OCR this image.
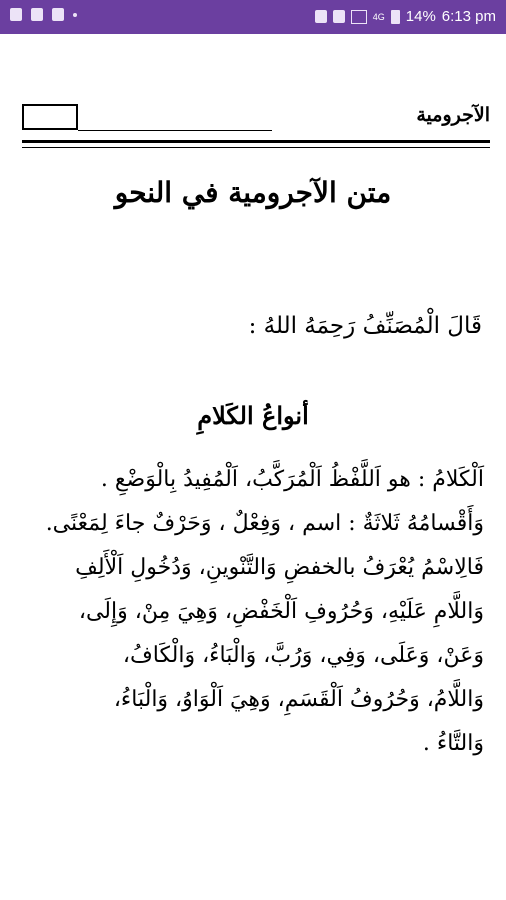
4G 14% 6:13 pm
الآجرومية
متن الآجرومية في النحو
قَالَ الْمُصَنِّفُ رَحِمَهُ اللهُ :
أنواعُ الكَلامِ
اَلْكَلامُ : هو اَللَّفْظُ اَلْمُرَكَّبُ، اَلْمُفِيدُ بِالْوَضْعِ .
وَأَقْسامُهُ ثَلاثَةٌ : اسم ، وَفِعْلٌ ، وَحَرْفٌ جاءَ لِمَعْنًى.
فَالِاسْمُ يُعْرَفُ بالخفضِ وَالتَّنْوينِ، وَدُخُولِ اَلْأَلِفِ
وَاللَّامِ عَلَيْهِ، وَحُرُوفِ اَلْخَفْضِ، وَهِيَ مِنْ، وَإِلَى،
وَعَنْ، وَعَلَى، وَفِي، وَرُبَّ، وَالْبَاءُ، وَالْكَافُ،
وَاللَّامُ، وَحُرُوفُ اَلْقَسَمِ، وَهِيَ اَلْوَاوُ، وَالْبَاءُ،
وَالتَّاءُ .
